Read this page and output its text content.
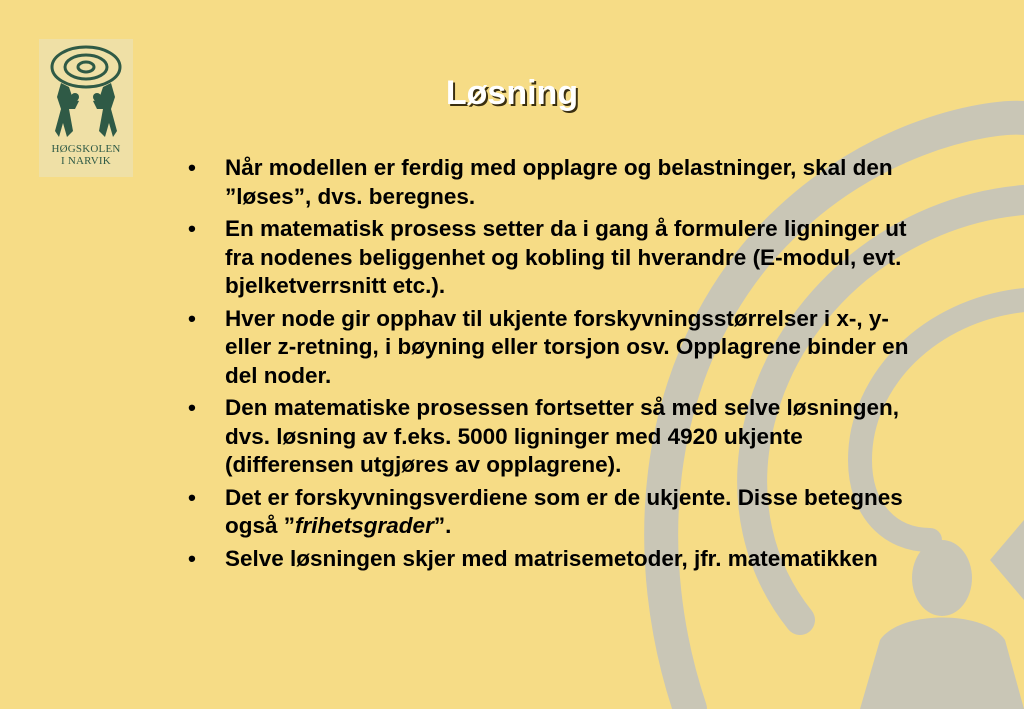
HØGSKOLEN
I NARVIK
Løsning
• Når modellen er ferdig med opplagre og belastninger, skal den ”løses”, dvs. beregnes.
• En matematisk prosess setter da i gang å formulere ligninger ut fra nodenes beliggenhet og kobling til hverandre (E-modul, evt. bjelketverrsnitt etc.).
• Hver node gir opphav til ukjente forskyvningsstørrelser i x-, y- eller z-retning, i bøyning eller torsjon osv. Opplagrene binder en del noder.
• Den matematiske prosessen fortsetter så med selve løsningen, dvs. løsning av f.eks. 5000 ligninger med 4920 ukjente (differensen utgjøres av opplagrene).
• Det er forskyvningsverdiene som er de ukjente. Disse betegnes også ”frihetsgrader”.
• Selve løsningen skjer med matrisemetoder, jfr. matematikken
